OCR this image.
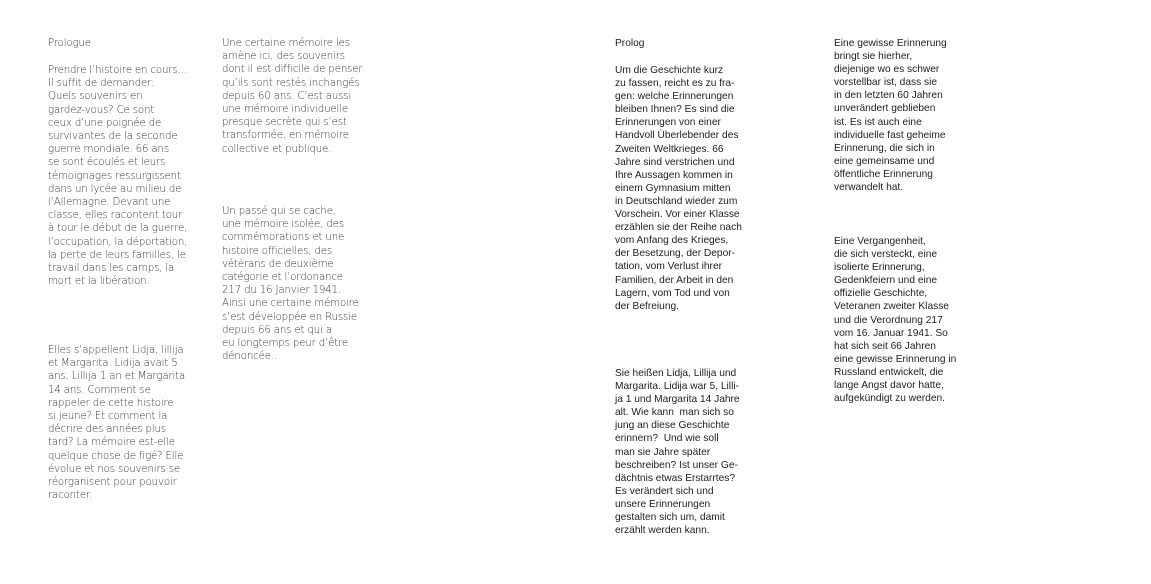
Prologue
Prendre l’histoire en cours...
Il suffit de demander:
Quels souvenirs en
gardez-vous? Ce sont
ceux d’une poignée de
survivantes de la seconde
guerre mondiale. 66 ans
se sont écoulés et leurs
témoignages ressurgissent
dans un lycée au milieu de
l’Allemagne. Devant une
classe, elles racontent tour
à tour le début de la guerre,
l’occupation, la déportation,
la perte de leurs familles, le
travail dans les camps, la
mort et la libération.
Elles s’appellent Lidja, lillija
et Margarita. Lidija avait 5
ans, Lillija 1 an et Margarita
14 ans. Comment se
rappeler de cette histoire
si jeune? Et comment la
décrire des années plus
tard? La mémoire est-elle
quelque chose de figé? Elle
évolue et nos souvenirs se
réorganisent pour pouvoir
raconter.
Une certaine mémoire les
amène ici, des souvenirs
dont il est difficile de penser
qu’ils sont restés inchangés
depuis 60 ans. C’est aussi
une mémoire individuelle
presque secrète qui s’est
transformée, en mémoire
collective et publique.
Un passé qui se cache,
une mémoire isolée, des
commémorations et une
histoire officielles, des
vétérans de deuxième
catégorie et l’ordonance
217 du 16 Janvier 1941.
Ainsi une certaine mémoire
s’est développée en Russie
depuis 66 ans et qui a
eu longtemps peur d’être
dénoncée..
Prolog
Um die Geschichte kurz
zu fassen, reicht es zu fra-
gen: welche Erinnerungen
bleiben Ihnen? Es sind die
Erinnerungen von einer
Handvoll Überlebender des
Zweiten Weltkrieges. 66
Jahre sind verstrichen und
Ihre Aussagen kommen in
einem Gymnasium mitten
in Deutschland wieder zum
Vorschein. Vor einer Klasse
erzählen sie der Reihe nach
vom Anfang des Krieges,
der Besetzung, der Depor-
tation, vom Verlust ihrer
Familien, der Arbeit in den
Lagern, vom Tod und von
der Befreiung.
Sie heißen Lidja, Lillija und
Margarita. Lidija war 5, Lilli-
ja 1 und Margarita 14 Jahre
alt. Wie kann  man sich so
jung an diese Geschichte
erinnern?  Und wie soll
man sie Jahre später
beschreiben? Ist unser Ge-
dächtnis etwas Erstarrtes?
Es verändert sich und
unsere Erinnerungen
gestalten sich um, damit
erzählt werden kann.
Eine gewisse Erinnerung
bringt sie hierher,
diejenige wo es schwer
vorstellbar ist, dass sie
in den letzten 60 Jahren
unverändert geblieben
ist. Es ist auch eine
individuelle fast geheime
Erinnerung, die sich in
eine gemeinsame und
öffentliche Erinnerung
verwandelt hat.
Eine Vergangenheit,
die sich versteckt, eine
isolierte Erinnerung,
Gedenkfeiern und eine
offizielle Geschichte,
Veteranen zweiter Klasse
und die Verordnung 217
vom 16. Januar 1941. So
hat sich seit 66 Jahren
eine gewisse Erinnerung in
Russland entwickelt, die
lange Angst davor hatte,
aufgekündigt zu werden.
